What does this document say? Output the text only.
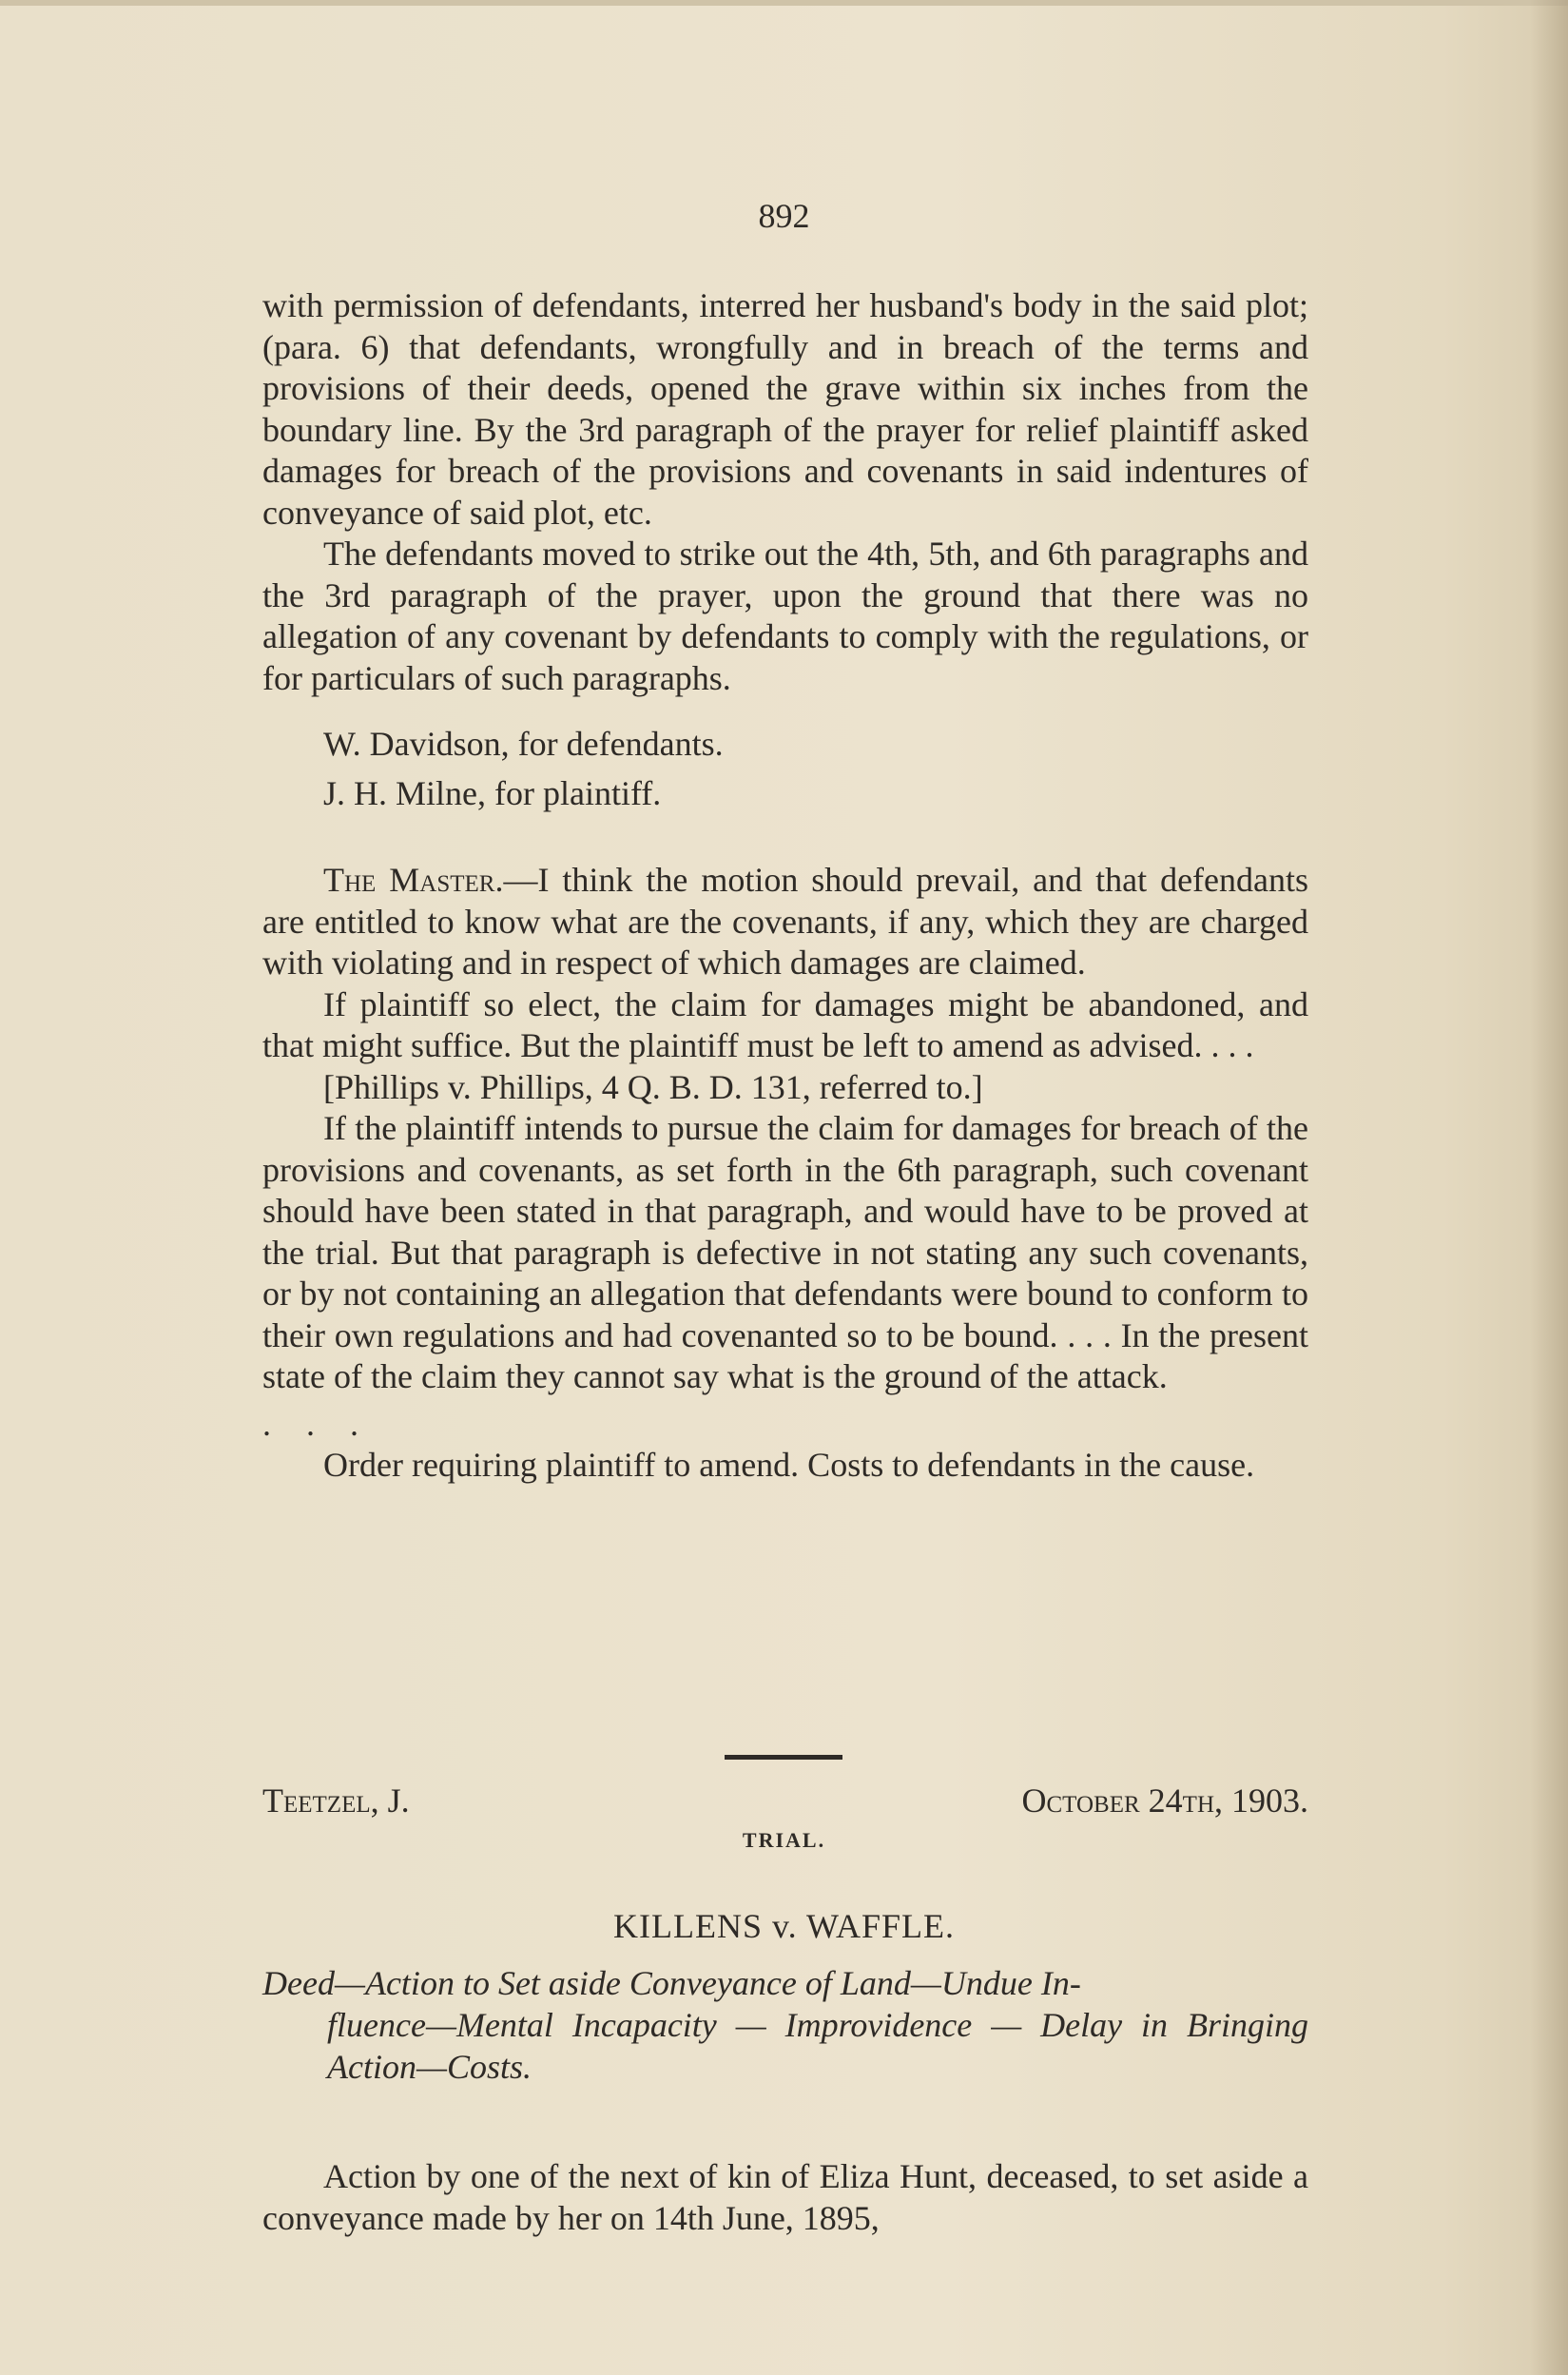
892

with permission of defendants, interred her husband's body in the said plot; (para. 6) that defendants, wrongfully and in breach of the terms and provisions of their deeds, opened the grave within six inches from the boundary line. By the 3rd paragraph of the prayer for relief plaintiff asked damages for breach of the provisions and covenants in said indentures of conveyance of said plot, etc.

The defendants moved to strike out the 4th, 5th, and 6th paragraphs and the 3rd paragraph of the prayer, upon the ground that there was no allegation of any covenant by defendants to comply with the regulations, or for particulars of such paragraphs.

W. Davidson, for defendants.

J. H. Milne, for plaintiff.

The Master.—I think the motion should prevail, and that defendants are entitled to know what are the covenants, if any, which they are charged with violating and in respect of which damages are claimed.

If plaintiff so elect, the claim for damages might be abandoned, and that might suffice. But the plaintiff must be left to amend as advised. . . .

[Phillips v. Phillips, 4 Q. B. D. 131, referred to.]

If the plaintiff intends to pursue the claim for damages for breach of the provisions and covenants, as set forth in the 6th paragraph, such covenant should have been stated in that paragraph, and would have to be proved at the trial. But that paragraph is defective in not stating any such covenants, or by not containing an allegation that defendants were bound to conform to their own regulations and had covenanted so to be bound. . . . In the present state of the claim they cannot say what is the ground of the attack.

. . .

Order requiring plaintiff to amend. Costs to defendants in the cause.

Teetzel, J.	October 24th, 1903.
TRIAL.
KILLENS v. WAFFLE.
Deed—Action to Set aside Conveyance of Land—Undue In-
fluence—Mental Incapacity — Improvidence — Delay in Bringing Action—Costs.

Action by one of the next of kin of Eliza Hunt, deceased, to set aside a conveyance made by her on 14th June, 1895,
